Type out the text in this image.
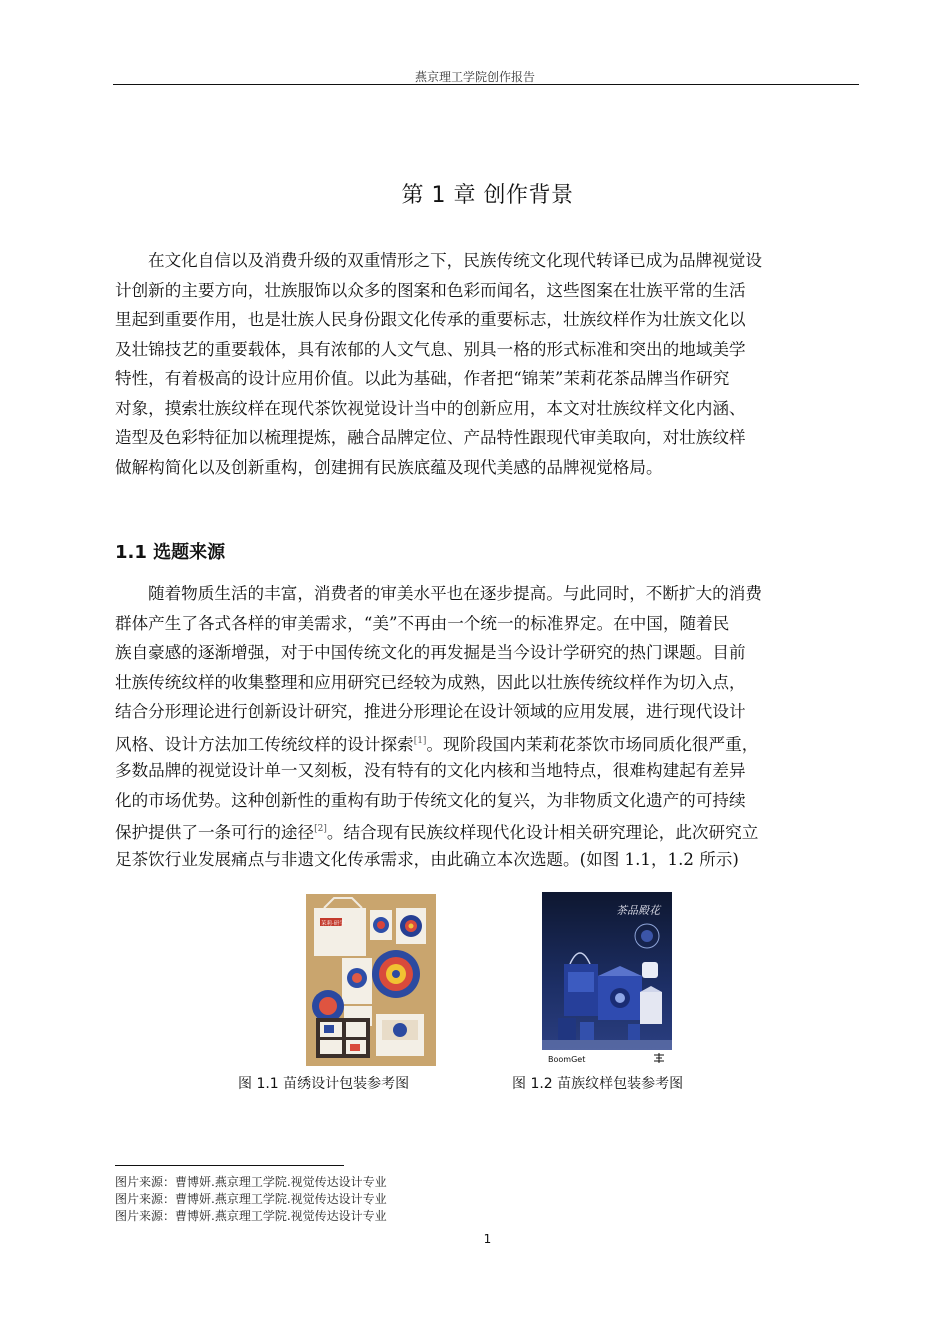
燕京理工学院创作报告
第 1 章 创作背景
在文化自信以及消费升级的双重情形之下，民族传统文化现代转译已成为品牌视觉设
计创新的主要方向，壮族服饰以众多的图案和色彩而闻名，这些图案在壮族平常的生活
里起到重要作用，也是壮族人民身份跟文化传承的重要标志，壮族纹样作为壮族文化以
及壮锦技艺的重要载体，具有浓郁的人文气息、别具一格的形式标准和突出的地域美学
特性，有着极高的设计应用价值。以此为基础，作者把“锦茉”茉莉花茶品牌当作研究
对象，摸索壮族纹样在现代茶饮视觉设计当中的创新应用，本文对壮族纹样文化内涵、
造型及色彩特征加以梳理提炼，融合品牌定位、产品特性跟现代审美取向，对壮族纹样
做解构简化以及创新重构，创建拥有民族底蕴及现代美感的品牌视觉格局。
1.1 选题来源
随着物质生活的丰富，消费者的审美水平也在逐步提高。与此同时，不断扩大的消费
群体产生了各式各样的审美需求，“美”不再由一个统一的标准界定。在中国，随着民
族自豪感的逐渐增强，对于中国传统文化的再发掘是当今设计学研究的热门课题。目前
壮族传统纹样的收集整理和应用研究已经较为成熟，因此以壮族传统纹样作为切入点，
结合分形理论进行创新设计研究，推进分形理论在设计领域的应用发展，进行现代设计
风格、设计方法加工传统纹样的设计探索[1]。现阶段国内茉莉花茶饮市场同质化很严重，
多数品牌的视觉设计单一又刻板，没有特有的文化内核和当地特点，很难构建起有差异
化的市场优势。这种创新性的重构有助于传统文化的复兴，为非物质文化遗产的可持续
保护提供了一条可行的途径[2]。结合现有民族纹样现代化设计相关研究理论，此次研究立
足茶饮行业发展痛点与非遗文化传承需求，由此确立本次选题。(如图 1.1，1.2 所示)
茉莉·研学
茶品殿花
BoomGet
图 1.1 苗绣设计包装参考图	图 1.2 苗族纹样包装参考图
图片来源：曹博妍.燕京理工学院.视觉传达设计专业
图片来源：曹博妍.燕京理工学院.视觉传达设计专业
图片来源：曹博妍.燕京理工学院.视觉传达设计专业
1
